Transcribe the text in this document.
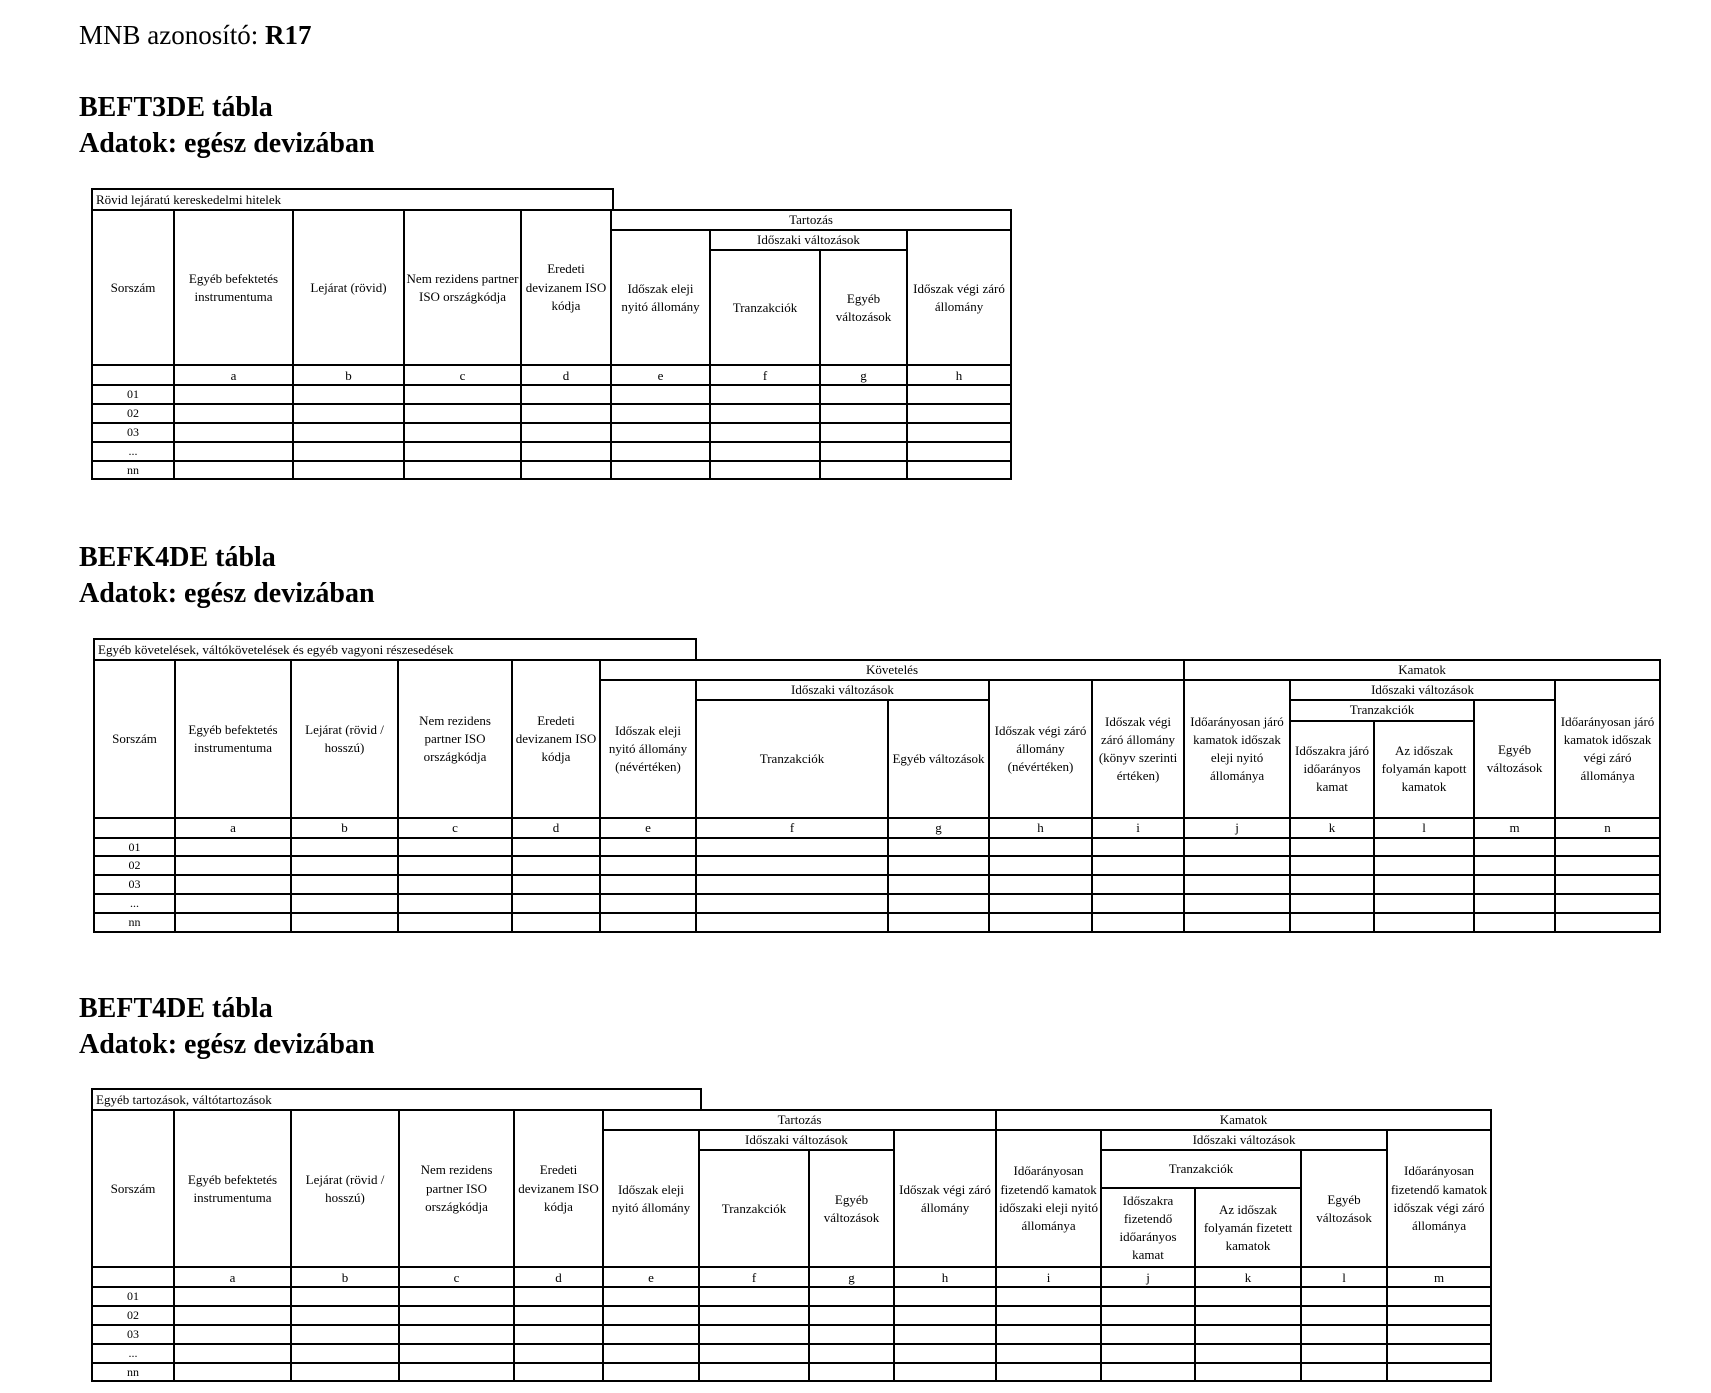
MNB azonosító: R17
BEFT3DE tábla
Adatok: egész devizában
Rövid lejáratú kereskedelmi hitelek
Sorszám	Egyéb befektetés instrumentuma	Lejárat (rövid)	Nem rezidens partner ISO országkódja	Eredeti devizanem ISO kódja	Tartozás			
					Időszak eleji nyitó állomány	Időszaki változások		Időszak végi záró állomány
						Tranzakciók	Egyéb változások	
	a	b	c	d	e	f	g	h
01								
02								
03								
...								
nn								
BEFK4DE tábla
Adatok: egész devizában
Egyéb követelések, váltókövetelések és egyéb vagyoni részesedések
Sorszám	Egyéb befektetés instrumentuma	Lejárat (rövid / hosszú)	Nem rezidens partner ISO országkódja	Eredeti devizanem ISO kódja	Követelés					Kamatok				
					Időszak eleji nyitó állomány (névértéken)	Időszaki változások		Időszak végi záró állomány (névértéken)	Időszak végi záró állomány (könyv szerinti értéken)	Időarányosan járó kamatok időszak eleji nyitó állománya	Időszaki változások			Időarányosan járó kamatok időszak végi záró állománya
						Tranzakciók	Egyéb változások				Tranzakciók		Egyéb változások	
											Időszakra járó időarányos kamat	Az időszak folyamán kapott kamatok		
	a	b	c	d	e	f	g	h	i	j	k	l	m	n
01														
02														
03														
...														
nn														
BEFT4DE tábla
Adatok: egész devizában
Egyéb tartozások, váltótartozások
Sorszám	Egyéb befektetés instrumentuma	Lejárat (rövid / hosszú)	Nem rezidens partner ISO országkódja	Eredeti devizanem ISO kódja	Tartozás				Kamatok				
					Időszak eleji nyitó állomány	Időszaki változások		Időszak végi záró állomány	Időarányosan fizetendő kamatok időszaki eleji nyitó állománya	Időszaki változások			Időarányosan fizetendő kamatok időszak végi záró állománya
						Tranzakciók	Egyéb változások			Tranzakciók		Egyéb változások	
										Időszakra fizetendő időarányos kamat	Az időszak folyamán fizetett kamatok		
	a	b	c	d	e	f	g	h	i	j	k	l	m
01													
02													
03													
...													
nn													
